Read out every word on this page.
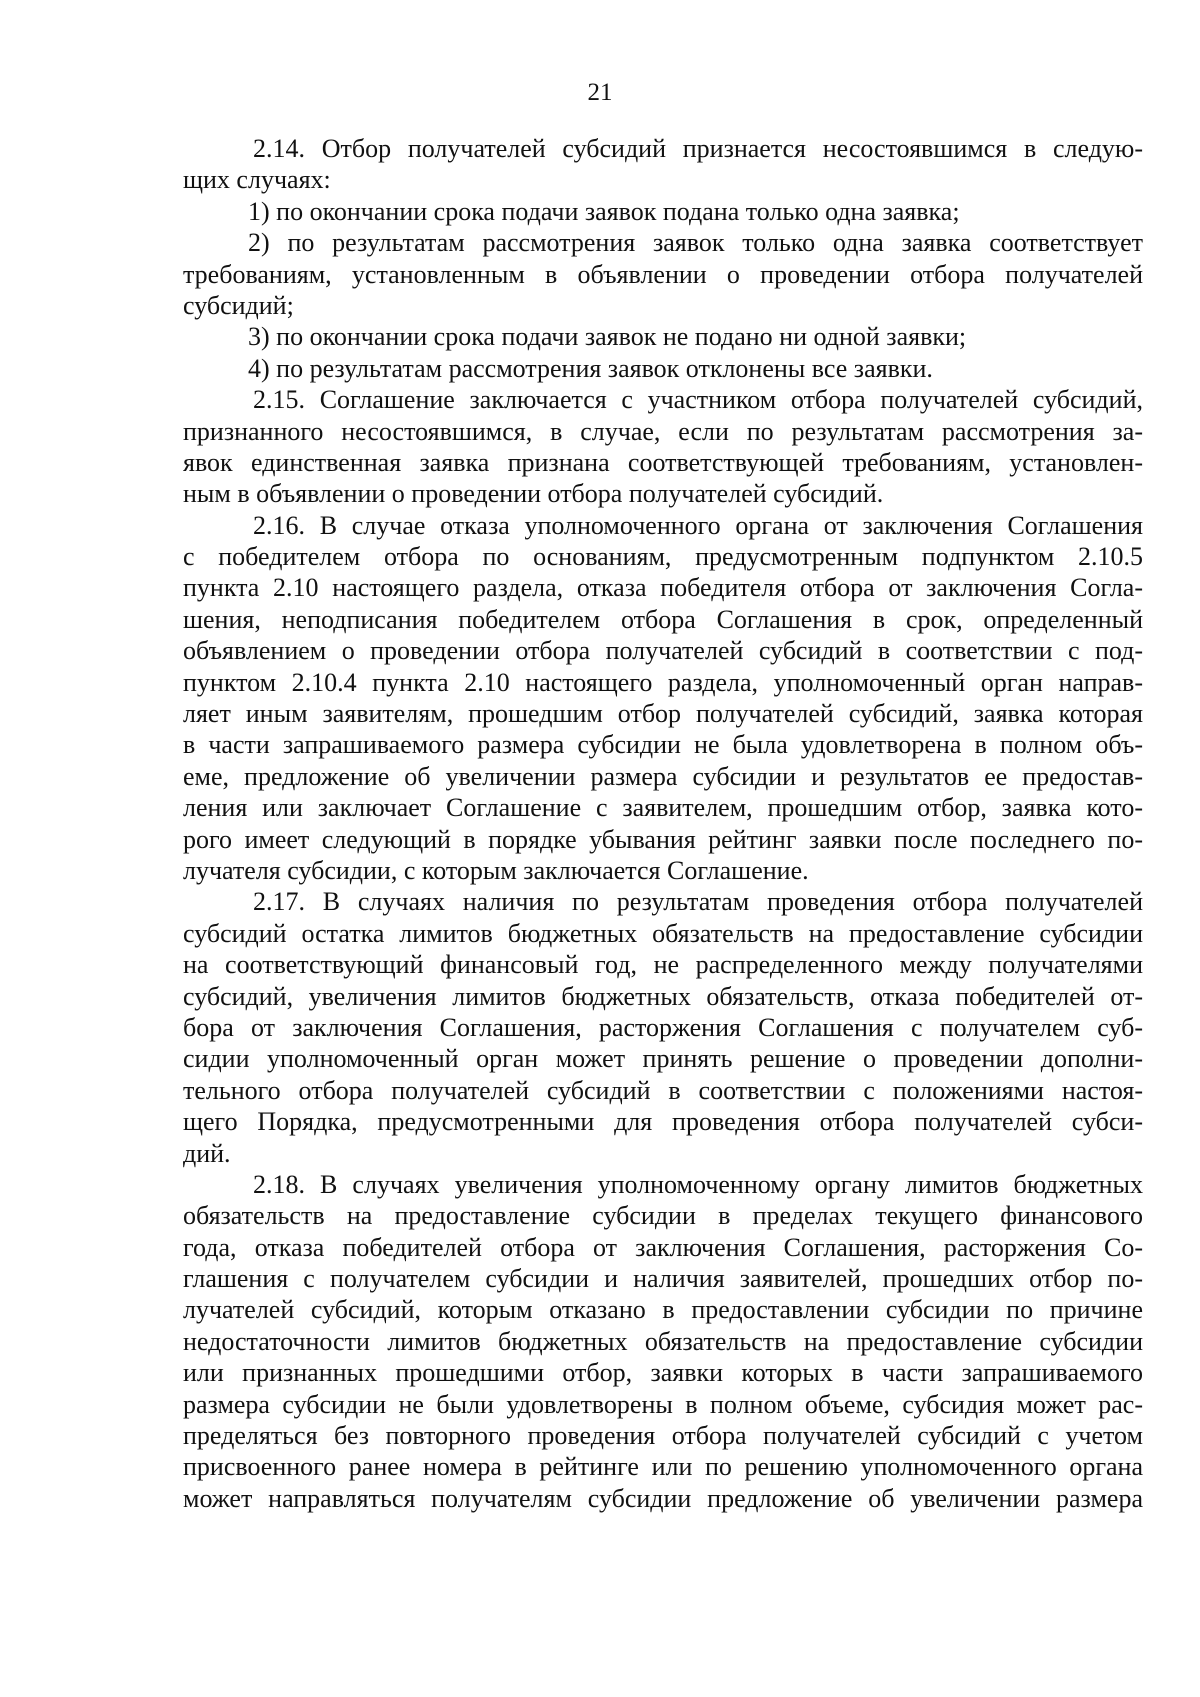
21
2.14. Отбор получателей субсидий признается несостоявшимся в следую-
щих случаях:
1) по окончании срока подачи заявок подана только одна заявка;
2) по результатам рассмотрения заявок только одна заявка соответствует
требованиям, установленным в объявлении о проведении отбора получателей
субсидий;
3) по окончании срока подачи заявок не подано ни одной заявки;
4) по результатам рассмотрения заявок отклонены все заявки.
2.15. Соглашение заключается с участником отбора получателей субсидий,
признанного несостоявшимся, в случае, если по результатам рассмотрения за-
явок единственная заявка признана соответствующей требованиям, установлен-
ным в объявлении о проведении отбора получателей субсидий.
2.16. В случае отказа уполномоченного органа от заключения Соглашения
с победителем отбора по основаниям, предусмотренным подпунктом 2.10.5
пункта 2.10 настоящего раздела, отказа победителя отбора от заключения Согла-
шения, неподписания победителем отбора Соглашения в срок, определенный
объявлением о проведении отбора получателей субсидий в соответствии с под-
пунктом 2.10.4 пункта 2.10 настоящего раздела, уполномоченный орган направ-
ляет иным заявителям, прошедшим отбор получателей субсидий, заявка которая
в части запрашиваемого размера субсидии не была удовлетворена в полном объ-
еме, предложение об увеличении размера субсидии и результатов ее предостав-
ления или заключает Соглашение с заявителем, прошедшим отбор, заявка кото-
рого имеет следующий в порядке убывания рейтинг заявки после последнего по-
лучателя субсидии, с которым заключается Соглашение.
2.17. В случаях наличия по результатам проведения отбора получателей
субсидий остатка лимитов бюджетных обязательств на предоставление субсидии
на соответствующий финансовый год, не распределенного между получателями
субсидий, увеличения лимитов бюджетных обязательств, отказа победителей от-
бора от заключения Соглашения, расторжения Соглашения с получателем суб-
сидии уполномоченный орган может принять решение о проведении дополни-
тельного отбора получателей субсидий в соответствии с положениями настоя-
щего Порядка, предусмотренными для проведения отбора получателей субси-
дий.
2.18. В случаях увеличения уполномоченному органу лимитов бюджетных
обязательств на предоставление субсидии в пределах текущего финансового
года, отказа победителей отбора от заключения Соглашения, расторжения Со-
глашения с получателем субсидии и наличия заявителей, прошедших отбор по-
лучателей субсидий, которым отказано в предоставлении субсидии по причине
недостаточности лимитов бюджетных обязательств на предоставление субсидии
или признанных прошедшими отбор, заявки которых в части запрашиваемого
размера субсидии не были удовлетворены в полном объеме, субсидия может рас-
пределяться без повторного проведения отбора получателей субсидий с учетом
присвоенного ранее номера в рейтинге или по решению уполномоченного органа
может направляться получателям субсидии предложение об увеличении размера
